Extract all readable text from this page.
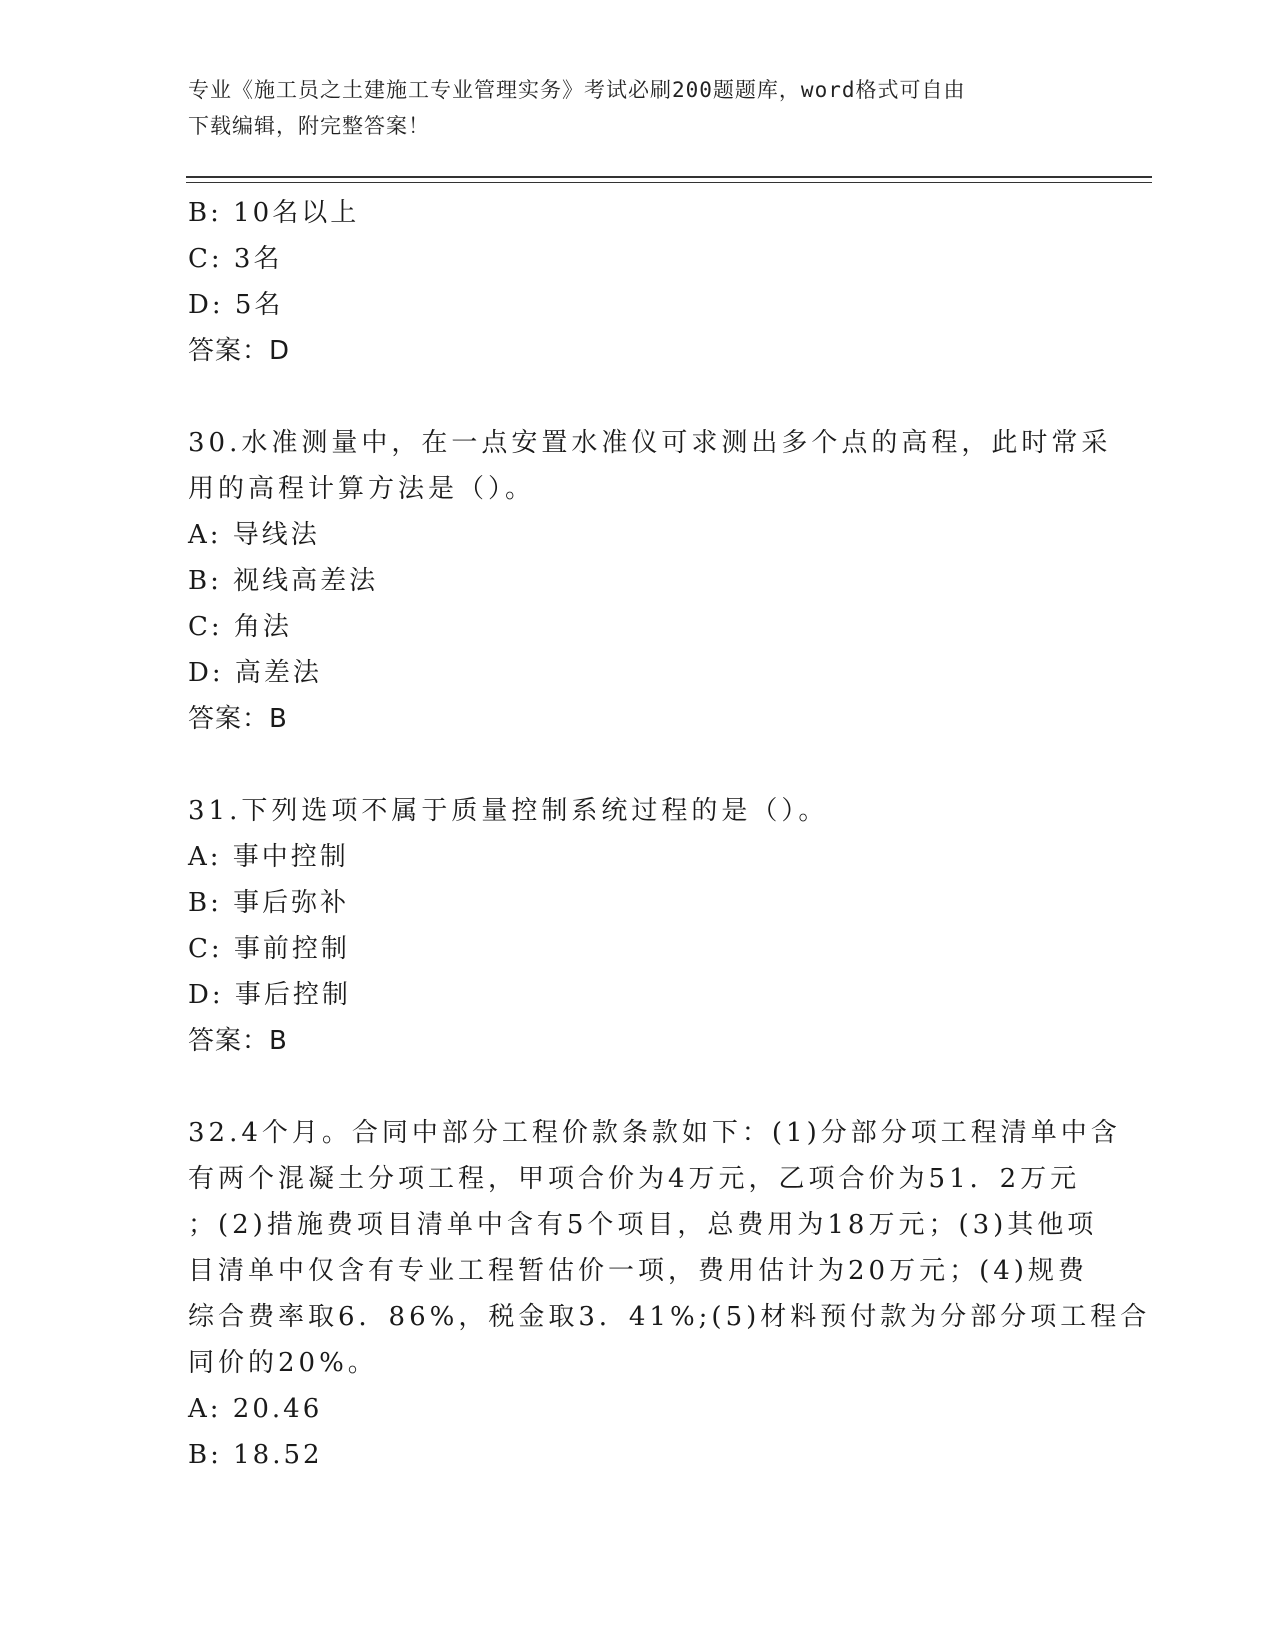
专业《施工员之土建施工专业管理实务》考试必刷200题题库，word格式可自由
下载编辑，附完整答案！
B: 10名以上
C: 3名
D: 5名
答案：D
30.水准测量中，在一点安置水准仪可求测出多个点的高程，此时常采
用的高程计算方法是（）。
A: 导线法
B: 视线高差法
C: 角法
D: 高差法
答案：B
31.下列选项不属于质量控制系统过程的是（）。
A: 事中控制
B: 事后弥补
C: 事前控制
D: 事后控制
答案：B
32.4个月。合同中部分工程价款条款如下：(1)分部分项工程清单中含
有两个混凝土分项工程，甲项合价为4万元，乙项合价为51．2万元
；(2)措施费项目清单中含有5个项目，总费用为18万元；(3)其他项
目清单中仅含有专业工程暂估价一项，费用估计为20万元；(4)规费
综合费率取6．86%，税金取3．41%;(5)材料预付款为分部分项工程合
同价的20%。
A: 20.46
B: 18.52
